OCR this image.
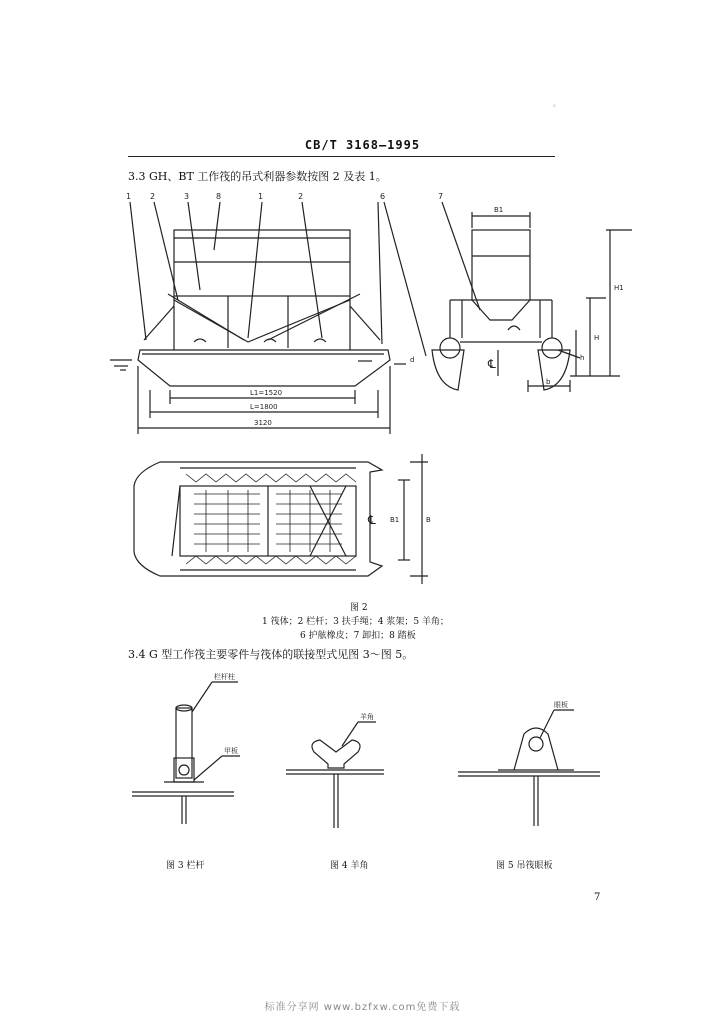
。
CB/T 3168—1995
3.3 GH、BT 工作筏的吊式利器参数按图 2 及表 1。
1 2	3	8	1	2	6	7
L1=1520
L=1800
3120
B1
H1
H
h
d
b
℄
℄ B1	B
图 2
1 筏体；2 栏杆；3 扶手绳；4 浆架；5 羊角；
6 护舷橡皮；7 卸扣；8 踏板
3.4 G 型工作筏主要零件与筏体的联接型式见图 3～图 5。
栏杆柱
甲板
羊角
眼板
图 3 栏杆	图 4 羊角	图 5 吊筏眼板
7
标准分享网 www.bzfxw.com免费下载
